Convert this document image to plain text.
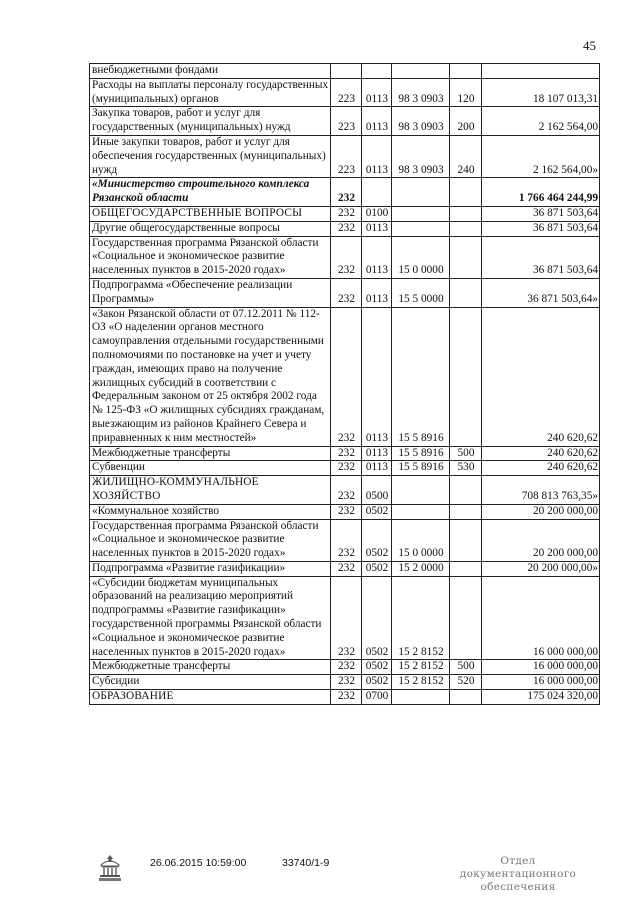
45
внебюджетными фондами					
Расходы на выплаты персоналу государственных (муниципальных) органов	223	0113	98 3 0903	120	18 107 013,31
Закупка товаров, работ и услуг для государственных (муниципальных) нужд	223	0113	98 3 0903	200	2 162 564,00
Иные закупки товаров, работ и услуг для обеспечения государственных (муниципальных) нужд	223	0113	98 3 0903	240	2 162 564,00»
«Министерство строительного комплекса Рязанской области	232				1 766 464 244,99
ОБЩЕГОСУДАРСТВЕННЫЕ ВОПРОСЫ	232	0100			36 871 503,64
Другие общегосударственные вопросы	232	0113			36 871 503,64
Государственная программа Рязанской области «Социальное и экономическое развитие населенных пунктов в 2015-2020 годах»	232	0113	15 0 0000		36 871 503,64
Подпрограмма «Обеспечение реализации Программы»	232	0113	15 5 0000		36 871 503,64»
«Закон Рязанской области от 07.12.2011 № 112-ОЗ «О наделении органов местного самоуправления отдельными государственными полномочиями по постановке на учет и учету граждан, имеющих право на получение жилищных субсидий в соответствии с Федеральным законом от 25 октября 2002 года № 125-ФЗ «О жилищных субсидиях гражданам, выезжающим из районов Крайнего Севера и приравненных к ним местностей»	232	0113	15 5 8916		240 620,62
Межбюджетные трансферты	232	0113	15 5 8916	500	240 620,62
Субвенции	232	0113	15 5 8916	530	240 620,62
ЖИЛИЩНО-КОММУНАЛЬНОЕ ХОЗЯЙСТВО	232	0500			708 813 763,35»
«Коммунальное хозяйство	232	0502			20 200 000,00
Государственная программа Рязанской области «Социальное и экономическое развитие населенных пунктов в 2015-2020 годах»	232	0502	15 0 0000		20 200 000,00
Подпрограмма «Развитие газификации»	232	0502	15 2 0000		20 200 000,00»
«Субсидии бюджетам муниципальных образований на реализацию мероприятий подпрограммы «Развитие газификации» государственной программы Рязанской области «Социальное и экономическое развитие населенных пунктов в 2015-2020 годах»	232	0502	15 2 8152		16 000 000,00
Межбюджетные трансферты	232	0502	15 2 8152	500	16 000 000,00
Субсидии	232	0502	15 2 8152	520	16 000 000,00
ОБРАЗОВАНИЕ	232	0700			175 024 320,00
26.06.2015 10:59:00	33740/1-9	Отдел документационного
обеспечения
